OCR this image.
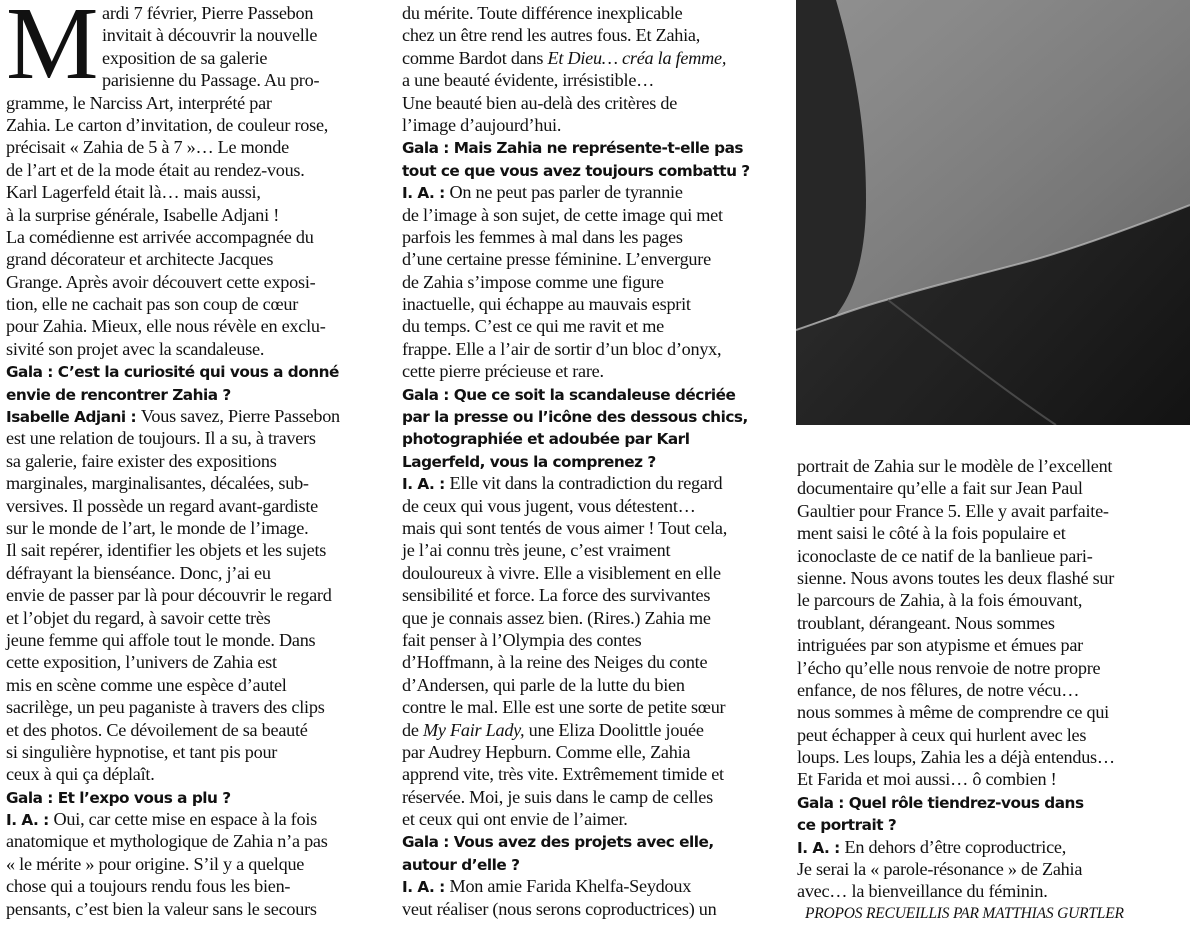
M ardi 7 février, Pierre Passebon
invitait à découvrir la nouvelle
exposition de sa galerie
parisienne du Passage. Au pro-
gramme, le Narciss Art, interprété par
Zahia. Le carton d’invitation, de couleur rose,
précisait « Zahia de 5 à 7 »… Le monde
de l’art et de la mode était au rendez-vous.
Karl Lagerfeld était là… mais aussi,
à la surprise générale, Isabelle Adjani !
La comédienne est arrivée accompagnée du
grand décorateur et architecte Jacques
Grange. Après avoir découvert cette exposi-
tion, elle ne cachait pas son coup de cœur
pour Zahia. Mieux, elle nous révèle en exclu-
sivité son projet avec la scandaleuse.
Gala : C’est la curiosité qui vous a donné
envie de rencontrer Zahia ?
Isabelle Adjani : Vous savez, Pierre Passebon
est une relation de toujours. Il a su, à travers
sa galerie, faire exister des expositions
marginales, marginalisantes, décalées, sub-
versives. Il possède un regard avant-gardiste
sur le monde de l’art, le monde de l’image.
Il sait repérer, identifier les objets et les sujets
défrayant la bienséance. Donc, j’ai eu
envie de passer par là pour découvrir le regard
et l’objet du regard, à savoir cette très
jeune femme qui affole tout le monde. Dans
cette exposition, l’univers de Zahia est
mis en scène comme une espèce d’autel
sacrilège, un peu paganiste à travers des clips
et des photos. Ce dévoilement de sa beauté
si singulière hypnotise, et tant pis pour
ceux à qui ça déplaît.
Gala : Et l’expo vous a plu ?
I. A. : Oui, car cette mise en espace à la fois
anatomique et mythologique de Zahia n’a pas
« le mérite » pour origine. S’il y a quelque
chose qui a toujours rendu fous les bien-
pensants, c’est bien la valeur sans le secours
du mérite. Toute différence inexplicable
chez un être rend les autres fous. Et Zahia,
comme Bardot dans Et Dieu… créa la femme,
a une beauté évidente, irrésistible…
Une beauté bien au-delà des critères de
l’image d’aujourd’hui.
Gala : Mais Zahia ne représente-t-elle pas
tout ce que vous avez toujours combattu ?
I. A. : On ne peut pas parler de tyrannie
de l’image à son sujet, de cette image qui met
parfois les femmes à mal dans les pages
d’une certaine presse féminine. L’envergure
de Zahia s’impose comme une figure
inactuelle, qui échappe au mauvais esprit
du temps. C’est ce qui me ravit et me
frappe. Elle a l’air de sortir d’un bloc d’onyx,
cette pierre précieuse et rare.
Gala : Que ce soit la scandaleuse décriée
par la presse ou l’icône des dessous chics,
photographiée et adoubée par Karl
Lagerfeld, vous la comprenez ?
I. A. : Elle vit dans la contradiction du regard
de ceux qui vous jugent, vous détestent…
mais qui sont tentés de vous aimer ! Tout cela,
je l’ai connu très jeune, c’est vraiment
douloureux à vivre. Elle a visiblement en elle
sensibilité et force. La force des survivantes
que je connais assez bien. (Rires.) Zahia me
fait penser à l’Olympia des contes
d’Hoffmann, à la reine des Neiges du conte
d’Andersen, qui parle de la lutte du bien
contre le mal. Elle est une sorte de petite sœur
de My Fair Lady, une Eliza Doolittle jouée
par Audrey Hepburn. Comme elle, Zahia
apprend vite, très vite. Extrêmement timide et
réservée. Moi, je suis dans le camp de celles
et ceux qui ont envie de l’aimer.
Gala : Vous avez des projets avec elle,
autour d’elle ?
I. A. : Mon amie Farida Khelfa-Seydoux
veut réaliser (nous serons coproductrices) un
portrait de Zahia sur le modèle de l’excellent
documentaire qu’elle a fait sur Jean Paul
Gaultier pour France 5. Elle y avait parfaite-
ment saisi le côté à la fois populaire et
iconoclaste de ce natif de la banlieue pari-
sienne. Nous avons toutes les deux flashé sur
le parcours de Zahia, à la fois émouvant,
troublant, dérangeant. Nous sommes
intriguées par son atypisme et émues par
l’écho qu’elle nous renvoie de notre propre
enfance, de nos fêlures, de notre vécu…
nous sommes à même de comprendre ce qui
peut échapper à ceux qui hurlent avec les
loups. Les loups, Zahia les a déjà entendus…
Et Farida et moi aussi… ô combien !
Gala : Quel rôle tiendrez-vous dans
ce portrait ?
I. A. : En dehors d’être coproductrice,
Je serai la « parole-résonance » de Zahia
avec… la bienveillance du féminin.
PROPOS RECUEILLIS PAR MATTHIAS GURTLER
